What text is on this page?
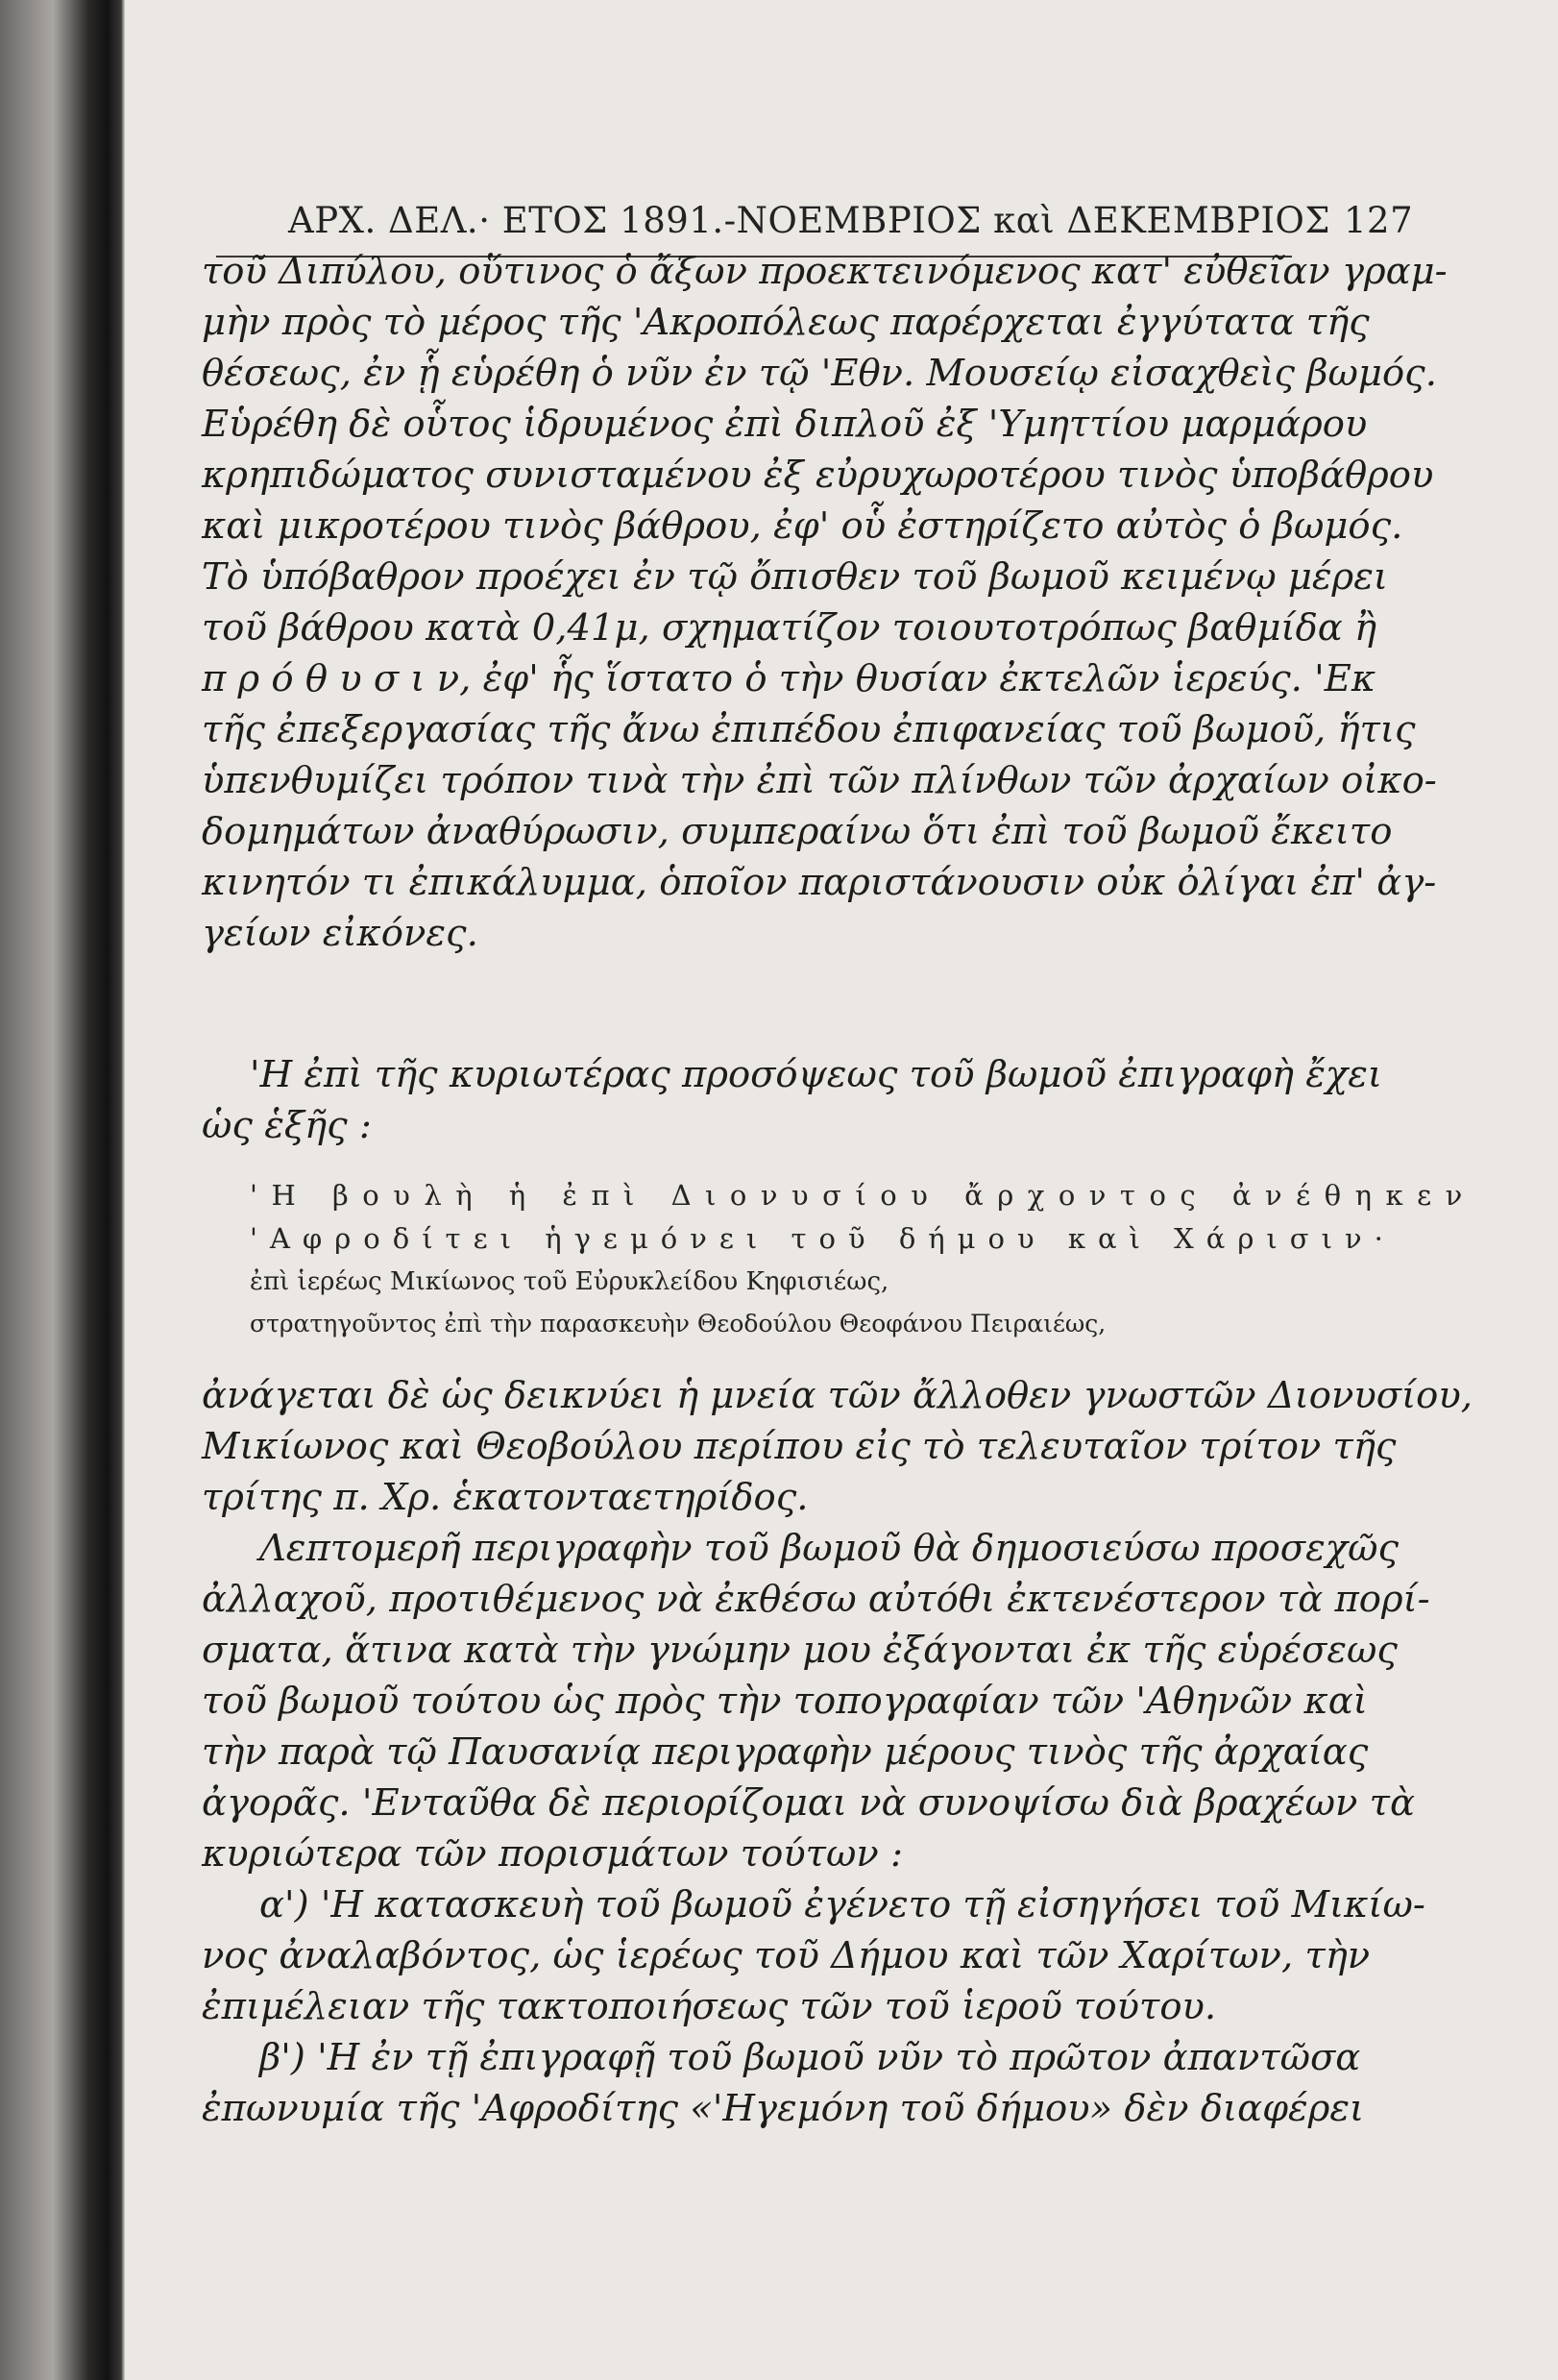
ΑΡΧ. ΔΕΛ.· ΕΤΟΣ 1891.-ΝΟΕΜΒΡΙΟΣ καὶ ΔΕΚΕΜΒΡΙΟΣ 127
τοῦ Διπύλου, οὕτινος ὁ ἄξων προεκτεινόμενος κατ' εὐθεῖαν γραμ-
μὴν πρὸς τὸ μέρος τῆς 'Ακροπόλεως παρέρχεται ἐγγύτατα τῆς
θέσεως, ἐν ᾗ εὑρέθη ὁ νῦν ἐν τῷ 'Εθν. Μουσείῳ εἰσαχθεὶς βωμός.
Εὑρέθη δὲ οὗτος ἱδρυμένος ἐπὶ διπλοῦ ἐξ 'Υμηττίου μαρμάρου
κρηπιδώματος συνισταμένου ἐξ εὐρυχωροτέρου τινὸς ὑποβάθρου
καὶ μικροτέρου τινὸς βάθρου, ἐφ' οὗ ἐστηρίζετο αὐτὸς ὁ βωμός.
Τὸ ὑπόβαθρον προέχει ἐν τῷ ὄπισθεν τοῦ βωμοῦ κειμένῳ μέρει
τοῦ βάθρου κατὰ 0,41μ, σχηματίζον τοιουτοτρόπως βαθμίδα ἢ
π ρ ό θ υ σ ι ν, ἐφ' ἧς ἵστατο ὁ τὴν θυσίαν ἐκτελῶν ἱερεύς. 'Εκ
τῆς ἐπεξεργασίας τῆς ἄνω ἐπιπέδου ἐπιφανείας τοῦ βωμοῦ, ἥτις
ὑπενθυμίζει τρόπον τινὰ τὴν ἐπὶ τῶν πλίνθων τῶν ἀρχαίων οἰκο-
δομημάτων ἀναθύρωσιν, συμπεραίνω ὅτι ἐπὶ τοῦ βωμοῦ ἔκειτο
κινητόν τι ἐπικάλυμμα, ὁποῖον παριστάνουσιν οὐκ ὀλίγαι ἐπ' ἀγ-
γείων εἰκόνες.
'Η ἐπὶ τῆς κυριωτέρας προσόψεως τοῦ βωμοῦ ἐπιγραφὴ ἔχει
ὡς ἑξῆς :
'Η βουλὴ ἡ ἐπὶ Διονυσίου ἄρχοντος ἀνέθηκεν
'Αφροδίτει ἡγεμόνει τοῦ δήμου καὶ Χάρισιν·
ἐπὶ ἱερέως Μικίωνος τοῦ Εὐρυκλείδου Κηφισιέως,
στρατηγοῦντος ἐπὶ τὴν παρασκευὴν Θεοδούλου Θεοφάνου Πειραιέως,
ἀνάγεται δὲ ὡς δεικνύει ἡ μνεία τῶν ἄλλοθεν γνωστῶν Διονυσίου,
Μικίωνος καὶ Θεοβούλου περίπου εἰς τὸ τελευταῖον τρίτον τῆς
τρίτης π. Χρ. ἑκατονταετηρίδος.
Λεπτομερῆ περιγραφὴν τοῦ βωμοῦ θὰ δημοσιεύσω προσεχῶς
ἀλλαχοῦ, προτιθέμενος νὰ ἐκθέσω αὐτόθι ἐκτενέστερον τὰ πορί-
σματα, ἅτινα κατὰ τὴν γνώμην μου ἐξάγονται ἐκ τῆς εὑρέσεως
τοῦ βωμοῦ τούτου ὡς πρὸς τὴν τοπογραφίαν τῶν 'Αθηνῶν καὶ
τὴν παρὰ τῷ Παυσανίᾳ περιγραφὴν μέρους τινὸς τῆς ἀρχαίας
ἀγορᾶς. 'Ενταῦθα δὲ περιορίζομαι νὰ συνοψίσω διὰ βραχέων τὰ
κυριώτερα τῶν πορισμάτων τούτων :
α') 'Η κατασκευὴ τοῦ βωμοῦ ἐγένετο τῇ εἰσηγήσει τοῦ Μικίω-
νος ἀναλαβόντος, ὡς ἱερέως τοῦ Δήμου καὶ τῶν Χαρίτων, τὴν
ἐπιμέλειαν τῆς τακτοποιήσεως τῶν τοῦ ἱεροῦ τούτου.
β') 'Η ἐν τῇ ἐπιγραφῇ τοῦ βωμοῦ νῦν τὸ πρῶτον ἀπαντῶσα
ἐπωνυμία τῆς 'Αφροδίτης «'Ηγεμόνη τοῦ δήμου» δὲν διαφέρει
